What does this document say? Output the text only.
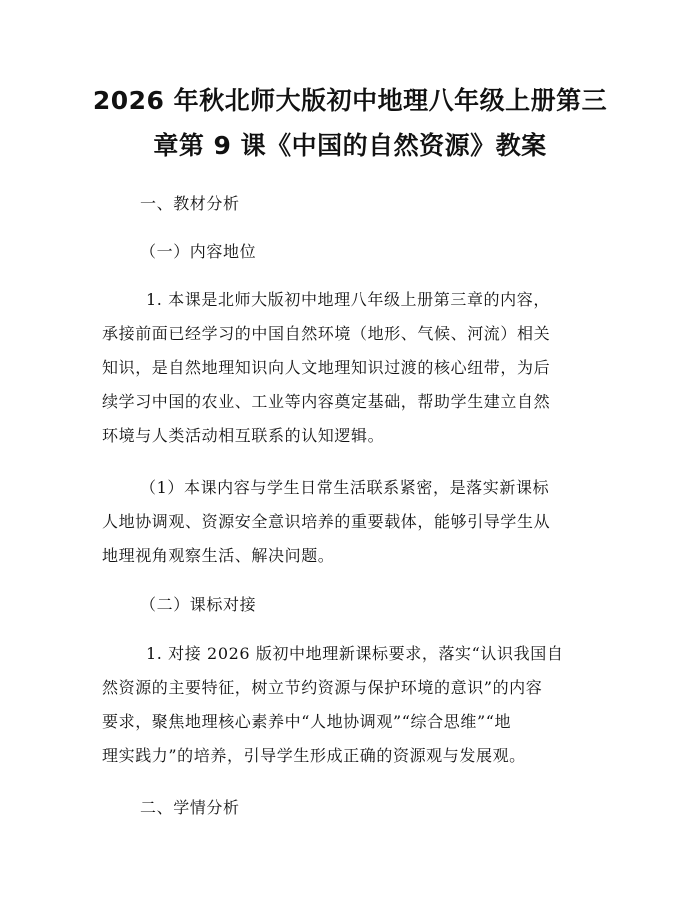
2026 年秋北师大版初中地理八年级上册第三
章第 9 课《中国的自然资源》教案
一、教材分析
（一）内容地位
1. 本课是北师大版初中地理八年级上册第三章的内容，
承接前面已经学习的中国自然环境（地形、气候、河流）相关
知识，是自然地理知识向人文地理知识过渡的核心纽带，为后
续学习中国的农业、工业等内容奠定基础，帮助学生建立自然
环境与人类活动相互联系的认知逻辑。
（1）本课内容与学生日常生活联系紧密，是落实新课标
人地协调观、资源安全意识培养的重要载体，能够引导学生从
地理视角观察生活、解决问题。
（二）课标对接
1. 对接 2026 版初中地理新课标要求，落实“认识我国自
然资源的主要特征，树立节约资源与保护环境的意识”的内容
要求，聚焦地理核心素养中“人地协调观”“综合思维”“地
理实践力”的培养，引导学生形成正确的资源观与发展观。
二、学情分析
